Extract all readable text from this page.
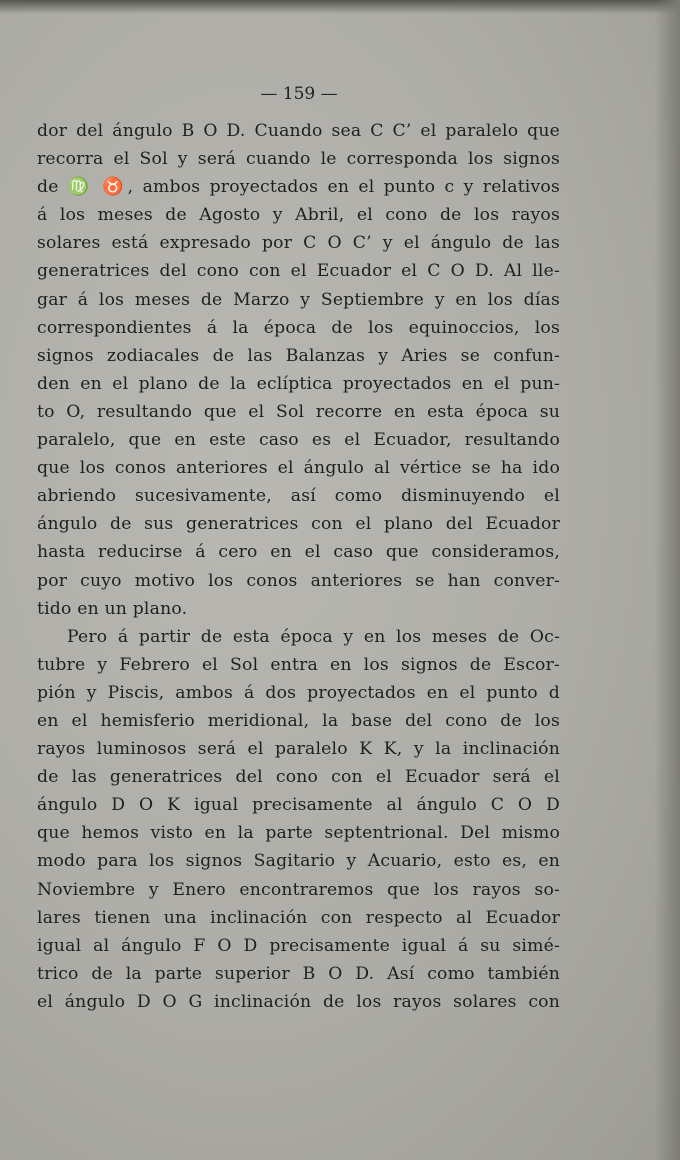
— 159 —
dor del ángulo B O D. Cuando sea C C’ el paralelo que
recorra el Sol y será cuando le corresponda los signos
de ♍ ♉, ambos proyectados en el punto c y relativos
á los meses de Agosto y Abril, el cono de los rayos
solares está expresado por C O C’ y el ángulo de las
generatrices del cono con el Ecuador el C O D. Al lle-
gar á los meses de Marzo y Septiembre y en los días
correspondientes á la época de los equinoccios, los
signos zodiacales de las Balanzas y Aries se confun-
den en el plano de la eclíptica proyectados en el pun-
to O, resultando que el Sol recorre en esta época su
paralelo, que en este caso es el Ecuador, resultando
que los conos anteriores el ángulo al vértice se ha ido
abriendo sucesivamente, así como disminuyendo el
ángulo de sus generatrices con el plano del Ecuador
hasta reducirse á cero en el caso que consideramos,
por cuyo motivo los conos anteriores se han conver-
tido en un plano.
Pero á partir de esta época y en los meses de Oc-
tubre y Febrero el Sol entra en los signos de Escor-
pión y Piscis, ambos á dos proyectados en el punto d
en el hemisferio meridional, la base del cono de los
rayos luminosos será el paralelo K K, y la inclinación
de las generatrices del cono con el Ecuador será el
ángulo D O K igual precisamente al ángulo C O D
que hemos visto en la parte septentrional. Del mismo
modo para los signos Sagitario y Acuario, esto es, en
Noviembre y Enero encontraremos que los rayos so-
lares tienen una inclinación con respecto al Ecuador
igual al ángulo F O D precisamente igual á su simé-
trico de la parte superior B O D. Así como también
el ángulo D O G inclinación de los rayos solares con
